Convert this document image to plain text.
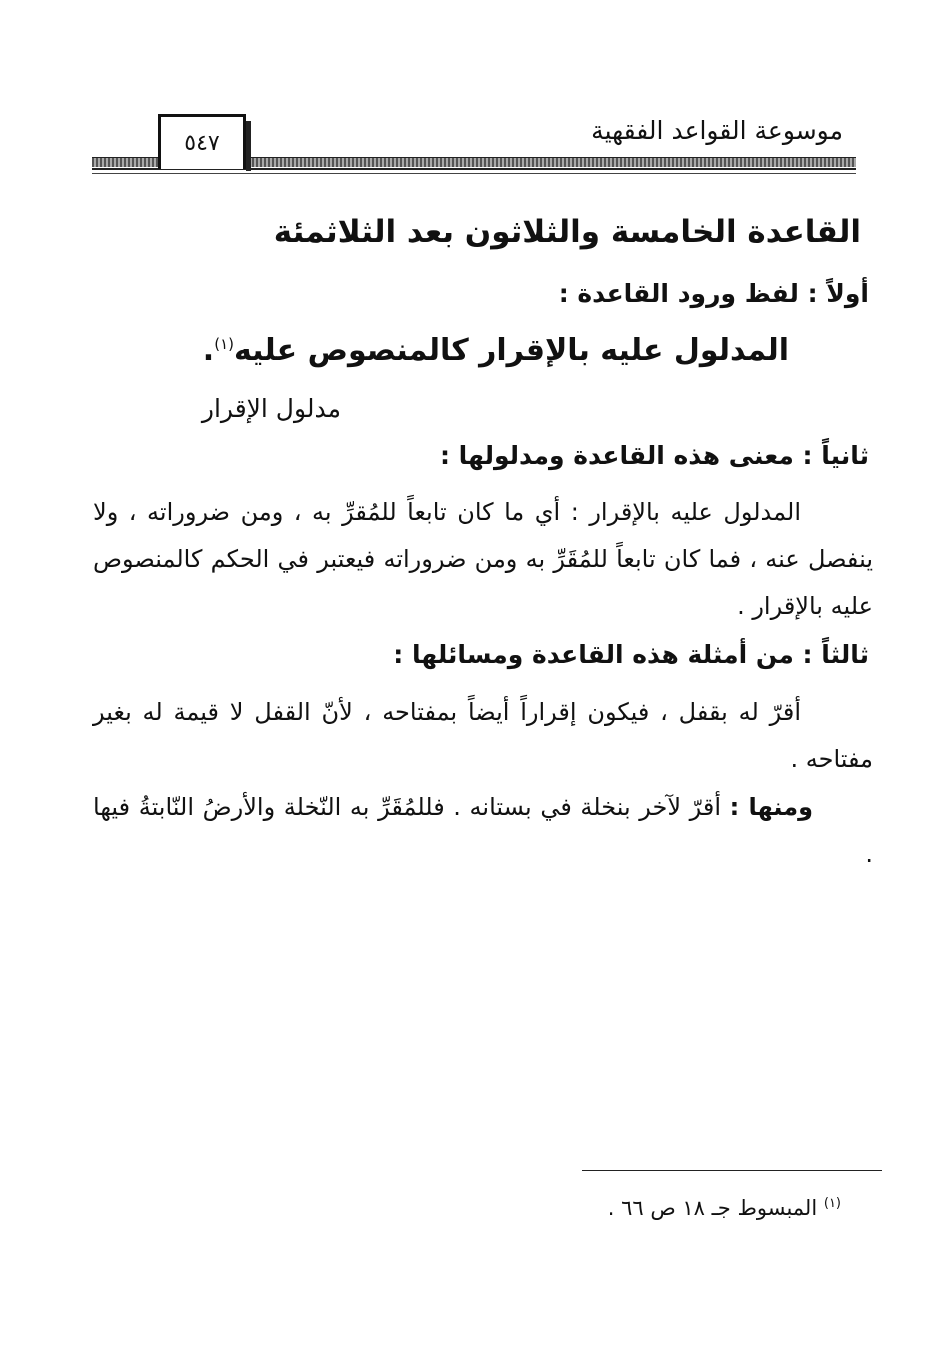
موسوعة القواعد الفقهية
٥٤٧
القاعدة الخامسة والثلاثون بعد الثلاثمئة
أولاً : لفظ ورود القاعدة :
المدلول عليه بالإقرار كالمنصوص عليه$^{(١)}$.
مدلول الإقرار
ثانياً : معنى هذه القاعدة ومدلولها :
المدلول عليه بالإقرار : أي ما كان تابعاً للمُقرِّ به ، ومن ضروراته ، ولا ينفصل عنه ، فما كان تابعاً للمُقَرِّ به ومن ضروراته فيعتبر في الحكم كالمنصوص عليه بالإقرار .
ثالثاً : من أمثلة هذه القاعدة ومسائلها :
أقرّ له بقفل ، فيكون إقراراً أيضاً بمفتاحه ، لأنّ القفل لا قيمة له بغير مفتاحه .
ومنها : أقرّ لآخر بنخلة في بستانه . فللمُقَرِّ به النّخلة والأرضُ النّابتةُ فيها .
$^{(١)}$ المبسوط جـ ١٨ ص ٦٦ .
